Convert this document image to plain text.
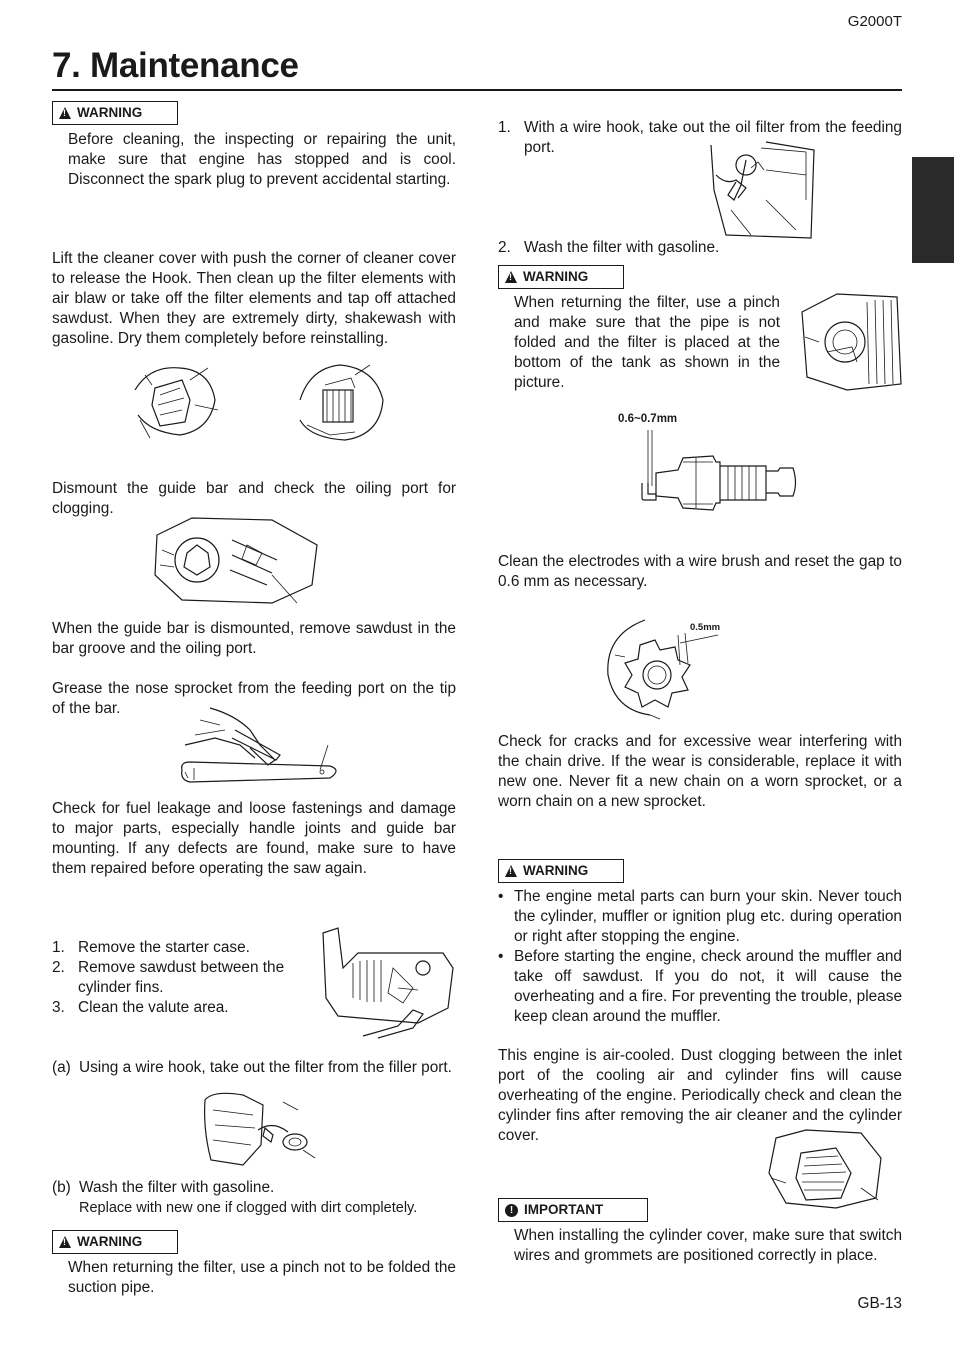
G2000T
7. Maintenance
!
WARNING
Before cleaning, the inspecting or repairing the unit, make sure that engine has stopped and is cool. Disconnect the spark plug to prevent accidental starting.
Lift the cleaner cover with push the corner of cleaner cover to release the Hook. Then clean up the filter elements with air blaw or take off the filter elements and tap off attached sawdust. When they are extremely dirty, shakewash with gasoline. Dry them completely before reinstalling.
Dismount the guide bar and check the oiling port for clogging.
When the guide bar is dismounted, remove sawdust in the bar groove and the oiling port.
Grease the nose sprocket from the feeding port on the tip of the bar.
Check for fuel leakage and loose fastenings and damage to major parts, especially handle joints and guide bar mounting. If any defects are found, make sure to have them repaired before operating the saw again.
1. Remove the starter case.
2. Remove sawdust between the cylinder fins.
3. Clean the valute area.
(a) Using a wire hook, take out the filter from the filler port.
(b) Wash the filter with gasoline.
Replace with new one if clogged with dirt completely.
!
WARNING
When returning the filter, use a pinch not to be folded the suction pipe.
1. With a wire hook, take out the oil filter from the feeding port.
2. Wash the filter with gasoline.
!
WARNING
When returning the filter, use a pinch and make sure that the pipe is not folded and the filter is placed at the bottom of the tank as shown in the picture.
0.6~0.7mm
Clean the electrodes with a wire brush and reset the gap to 0.6 mm as necessary.
0.5mm
Check for cracks and for excessive wear interfering with the chain drive. If the wear is considerable, replace it with new one. Never fit a new chain on a worn sprocket, or a worn chain on a new sprocket.
!
WARNING
• The engine metal parts can burn your skin. Never touch the cylinder, muffler or ignition plug etc. during operation or right after stopping the engine.
• Before starting the engine, check around the muffler and take off sawdust. If you do not, it will cause the overheating and a fire. For preventing the trouble, please keep clean around the muffler.
This engine is air-cooled. Dust clogging between the inlet port of the cooling air and cylinder fins will cause overheating of the engine. Periodically check and clean the cylinder fins after removing the air cleaner and the cylinder cover.
! IMPORTANT
When installing the cylinder cover, make sure that switch wires and grommets are positioned correctly in place.
GB-13
